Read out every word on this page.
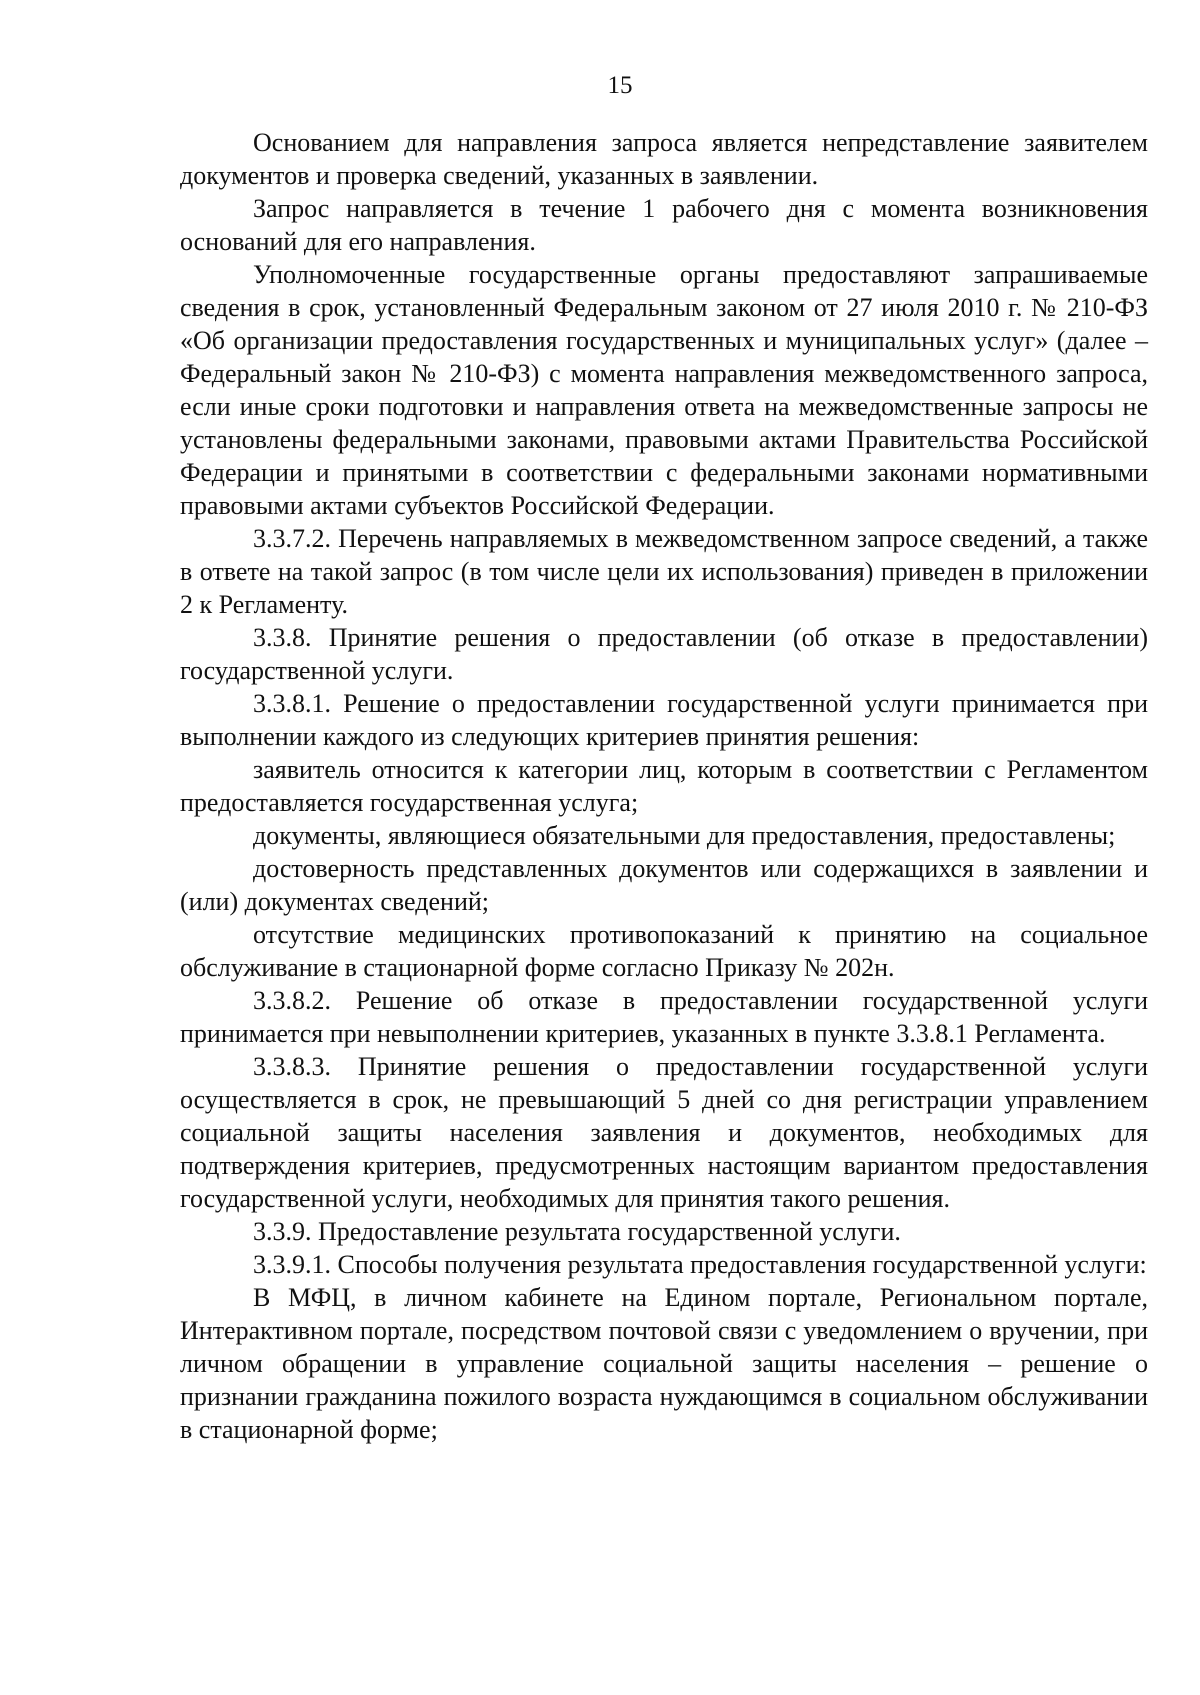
15

Основанием для направления запроса является непредставление заявителем документов и проверка сведений, указанных в заявлении.

Запрос направляется в течение 1 рабочего дня с момента возникновения оснований для его направления.

Уполномоченные государственные органы предоставляют запрашиваемые сведения в срок, установленный Федеральным законом от 27 июля 2010 г. № 210-ФЗ «Об организации предоставления государственных и муниципальных услуг» (далее – Федеральный закон № 210-ФЗ) с момента направления межведомственного запроса, если иные сроки подготовки и направления ответа на межведомственные запросы не установлены федеральными законами, правовыми актами Правительства Российской Федерации и принятыми в соответствии с федеральными законами нормативными правовыми актами субъектов Российской Федерации.

3.3.7.2. Перечень направляемых в межведомственном запросе сведений, а также в ответе на такой запрос (в том числе цели их использования) приведен в приложении 2 к Регламенту.

3.3.8. Принятие решения о предоставлении (об отказе в предоставлении) государственной услуги.

3.3.8.1. Решение о предоставлении государственной услуги принимается при выполнении каждого из следующих критериев принятия решения:

заявитель относится к категории лиц, которым в соответствии с Регламентом предоставляется государственная услуга;

документы, являющиеся обязательными для предоставления, предоставлены;

достоверность представленных документов или содержащихся в заявлении и (или) документах сведений;

отсутствие медицинских противопоказаний к принятию на социальное обслуживание в стационарной форме согласно Приказу № 202н.

3.3.8.2. Решение об отказе в предоставлении государственной услуги принимается при невыполнении критериев, указанных в пункте 3.3.8.1 Регламента.

3.3.8.3. Принятие решения о предоставлении государственной услуги осуществляется в срок, не превышающий 5 дней со дня регистрации управлением социальной защиты населения заявления и документов, необходимых для подтверждения критериев, предусмотренных настоящим вариантом предоставления государственной услуги, необходимых для принятия такого решения.

3.3.9. Предоставление результата государственной услуги.

3.3.9.1. Способы получения результата предоставления государственной услуги:

В МФЦ, в личном кабинете на Едином портале, Региональном портале, Интерактивном портале, посредством почтовой связи с уведомлением о вручении, при личном обращении в управление социальной защиты населения – решение о признании гражданина пожилого возраста нуждающимся в социальном обслуживании в стационарной форме;
